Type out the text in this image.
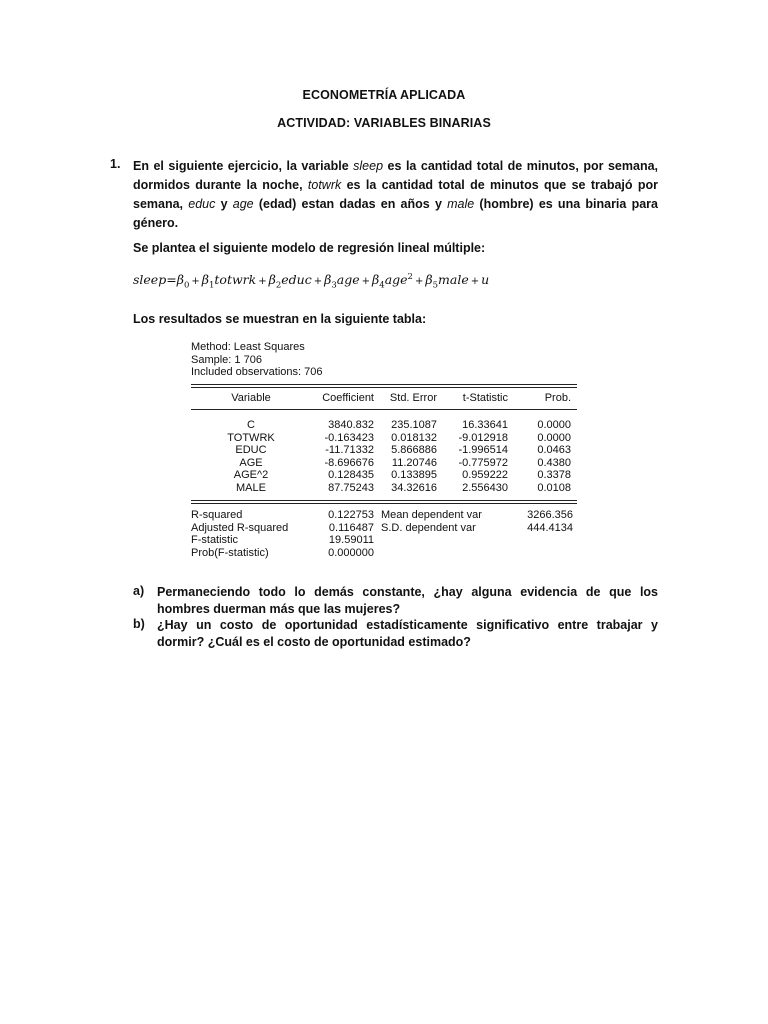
ECONOMETRÍA APLICADA
ACTIVIDAD: VARIABLES BINARIAS
1. En el siguiente ejercicio, la variable sleep es la cantidad total de minutos, por semana, dormidos durante la noche, totwrk es la cantidad total de minutos que se trabajó por semana, educ y age (edad) estan dadas en años y male (hombre) es una binaria para género.
Se plantea el siguiente modelo de regresión lineal múltiple:
$sleep=\beta_0$ + $\beta_1totwrk$ + $\beta_2educ + \beta_3age + \beta_4age^2$ + $\beta_5male + u$
Los resultados se muestran en la siguiente tabla:
Method: Least Squares
Sample: 1 706
Included observations: 706
Variable	Coefficient	Std. Error	t-Statistic	Prob.
C	3840.832	235.1087	16.33641	0.0000
TOTWRK	-0.163423	0.018132	-9.012918	0.0000
EDUC	-11.71332	5.866886	-1.996514	0.0463
AGE	-8.696676	11.20746	-0.775972	0.4380
AGE^2	0.128435	0.133895	0.959222	0.3378
MALE	87.75243	34.32616	2.556430	0.0108
R-squared	0.122753 Mean dependent var	3266.356
Adjusted R-squared	0.116487 S.D. dependent var	444.4134
F-statistic	19.59011
Prob(F-statistic)	0.000000
a) Permaneciendo todo lo demás constante, ¿hay alguna evidencia de que los hombres duerman más que las mujeres?
b) ¿Hay un costo de oportunidad estadísticamente significativo entre trabajar y dormir? ¿Cuál es el costo de oportunidad estimado?
